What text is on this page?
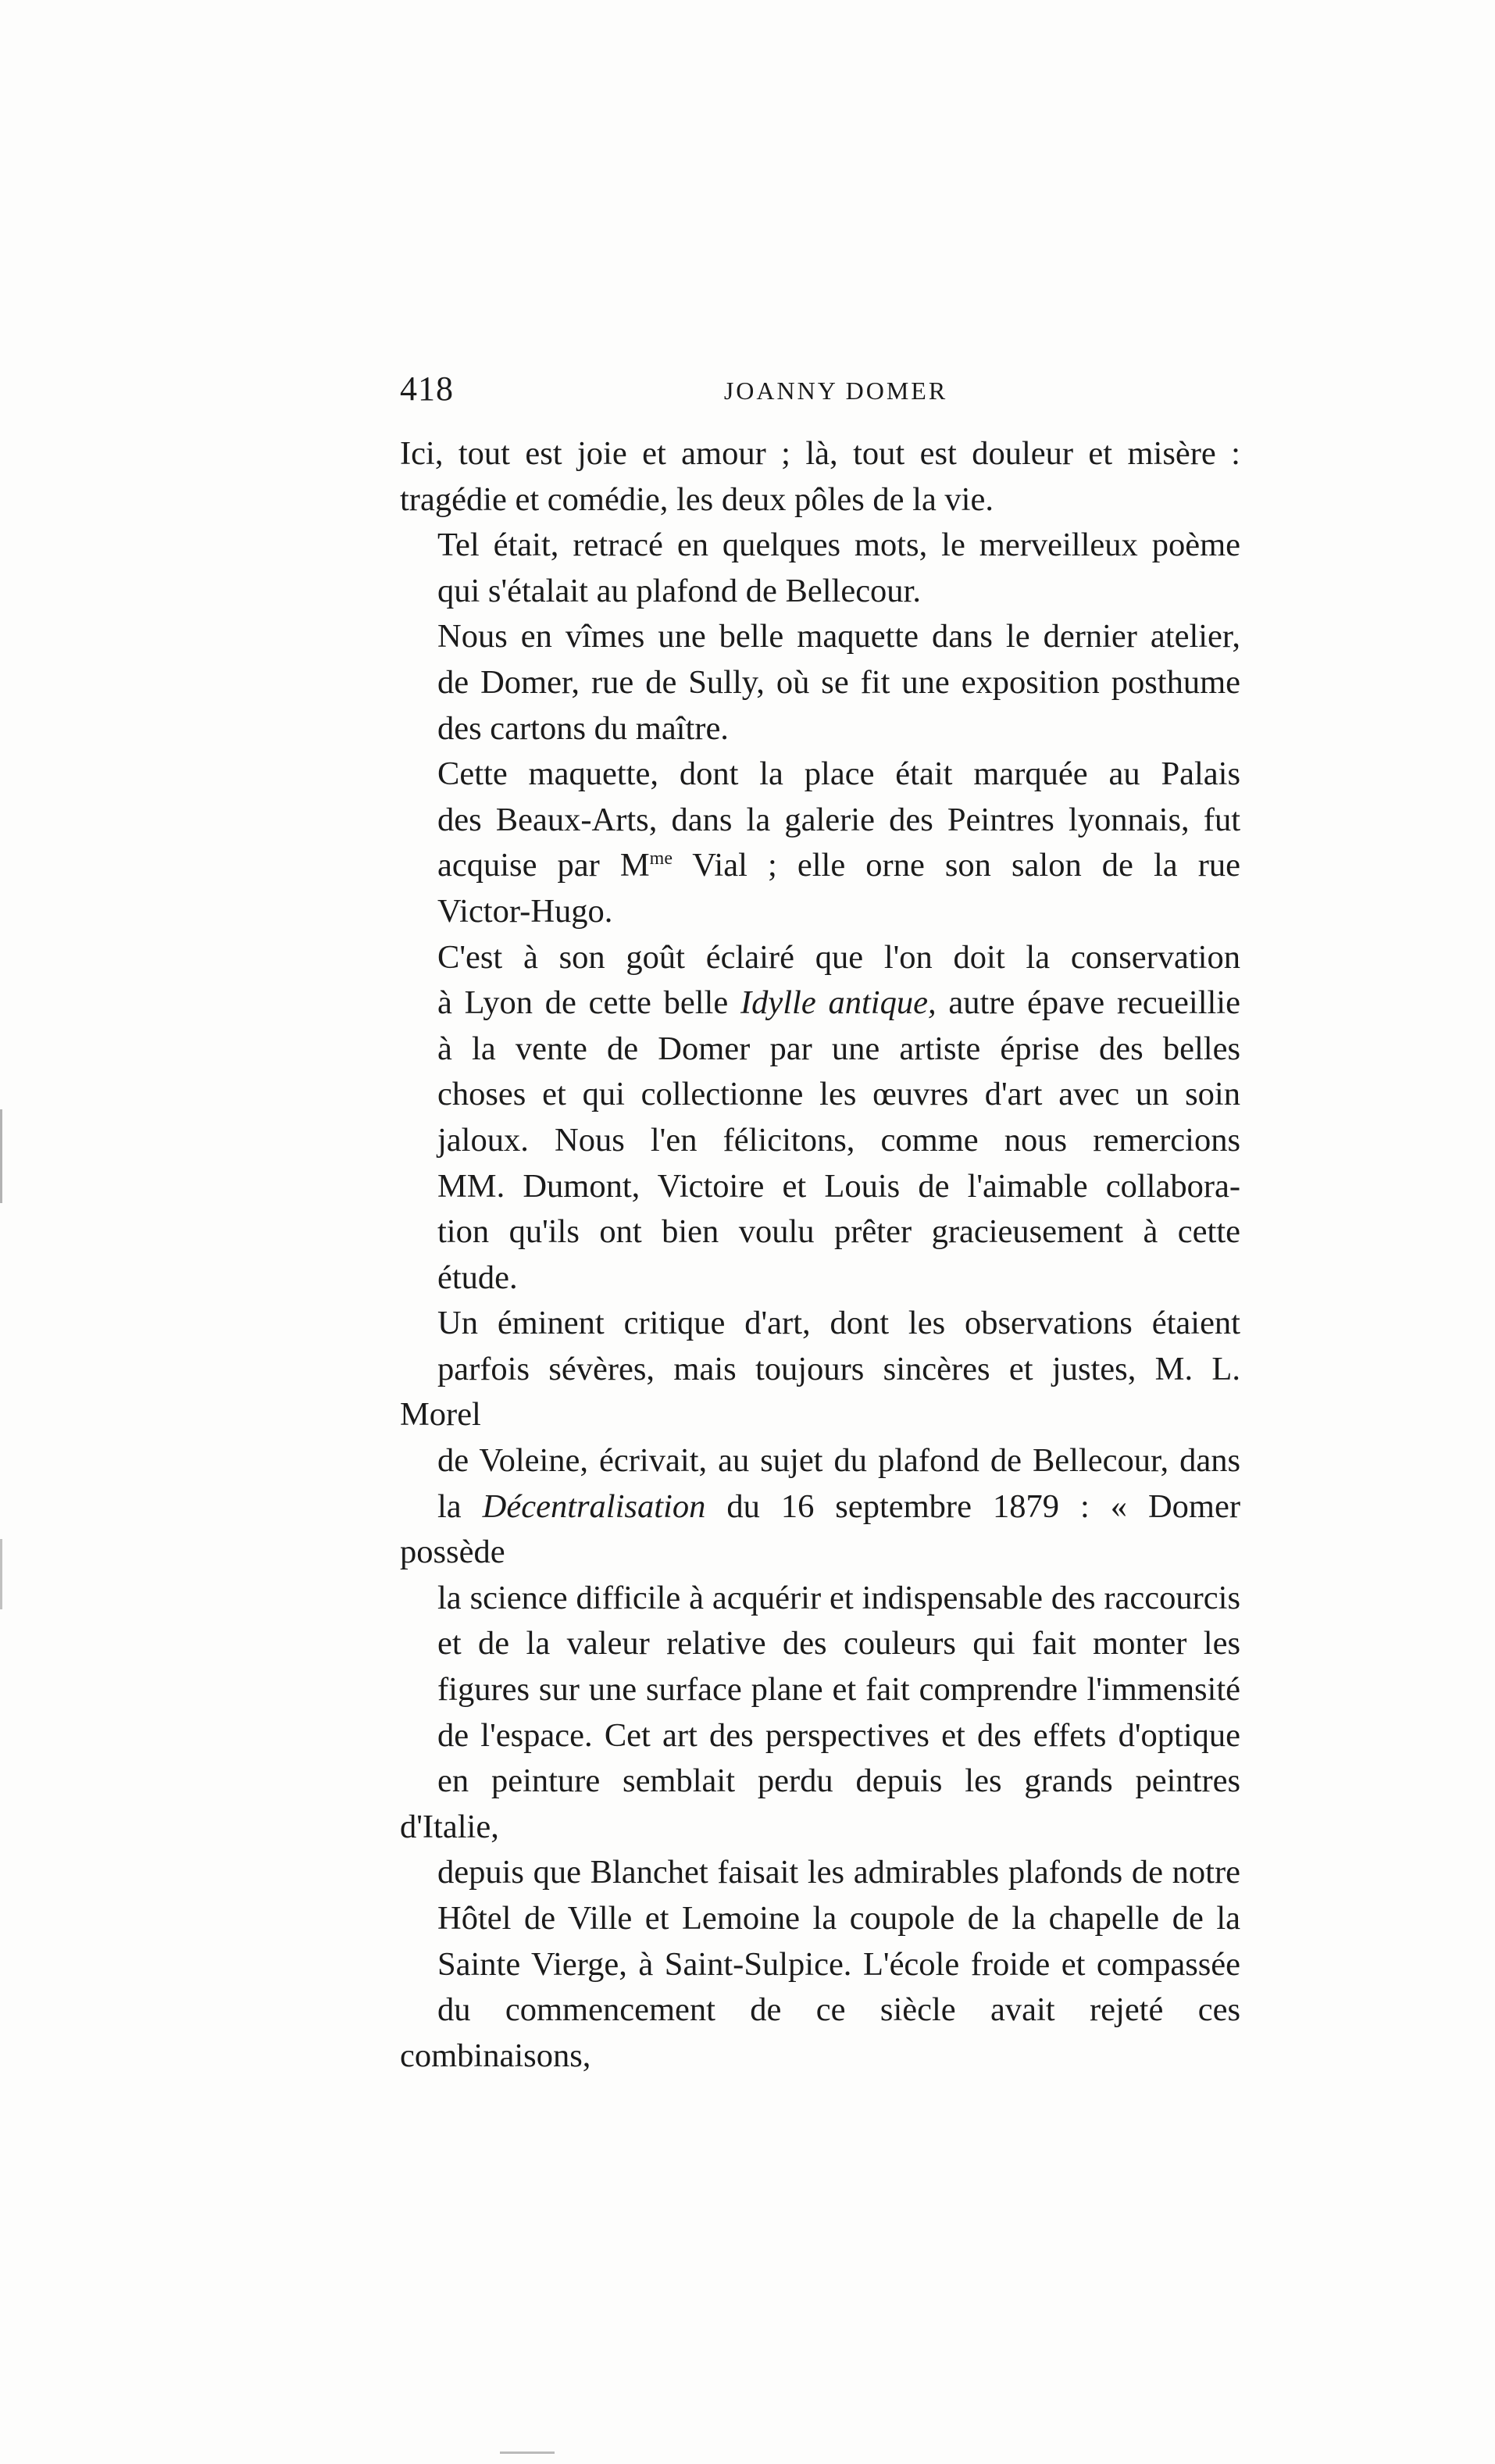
418	JOANNY DOMER

Ici, tout est joie et amour ; là, tout est douleur et misère :
tragédie et comédie, les deux pôles de la vie.

Tel était, retracé en quelques mots, le merveilleux poème
qui s'étalait au plafond de Bellecour.

Nous en vîmes une belle maquette dans le dernier atelier,
de Domer, rue de Sully, où se fit une exposition posthume
des cartons du maître.

Cette maquette, dont la place était marquée au Palais
des Beaux-Arts, dans la galerie des Peintres lyonnais, fut
acquise par $M^{me}$ Vial ; elle orne son salon de la rue
Victor-Hugo.

C'est à son goût éclairé que l'on doit la conservation
à Lyon de cette belle Idylle antique, autre épave recueillie
à la vente de Domer par une artiste éprise des belles
choses et qui collectionne les œuvres d'art avec un soin
jaloux. Nous l'en félicitons, comme nous remercions
MM. Dumont, Victoire et Louis de l'aimable collabora-
tion qu'ils ont bien voulu prêter gracieusement à cette
étude.

Un éminent critique d'art, dont les observations étaient
parfois sévères, mais toujours sincères et justes, M. L. Morel
de Voleine, écrivait, au sujet du plafond de Bellecour, dans
la Décentralisation du 16 septembre 1879 : « Domer possède
la science difficile à acquérir et indispensable des raccourcis
et de la valeur relative des couleurs qui fait monter les
figures sur une surface plane et fait comprendre l'immensité
de l'espace. Cet art des perspectives et des effets d'optique
en peinture semblait perdu depuis les grands peintres d'Italie,
depuis que Blanchet faisait les admirables plafonds de notre
Hôtel de Ville et Lemoine la coupole de la chapelle de la
Sainte Vierge, à Saint-Sulpice. L'école froide et compassée
du commencement de ce siècle avait rejeté ces combinaisons,
